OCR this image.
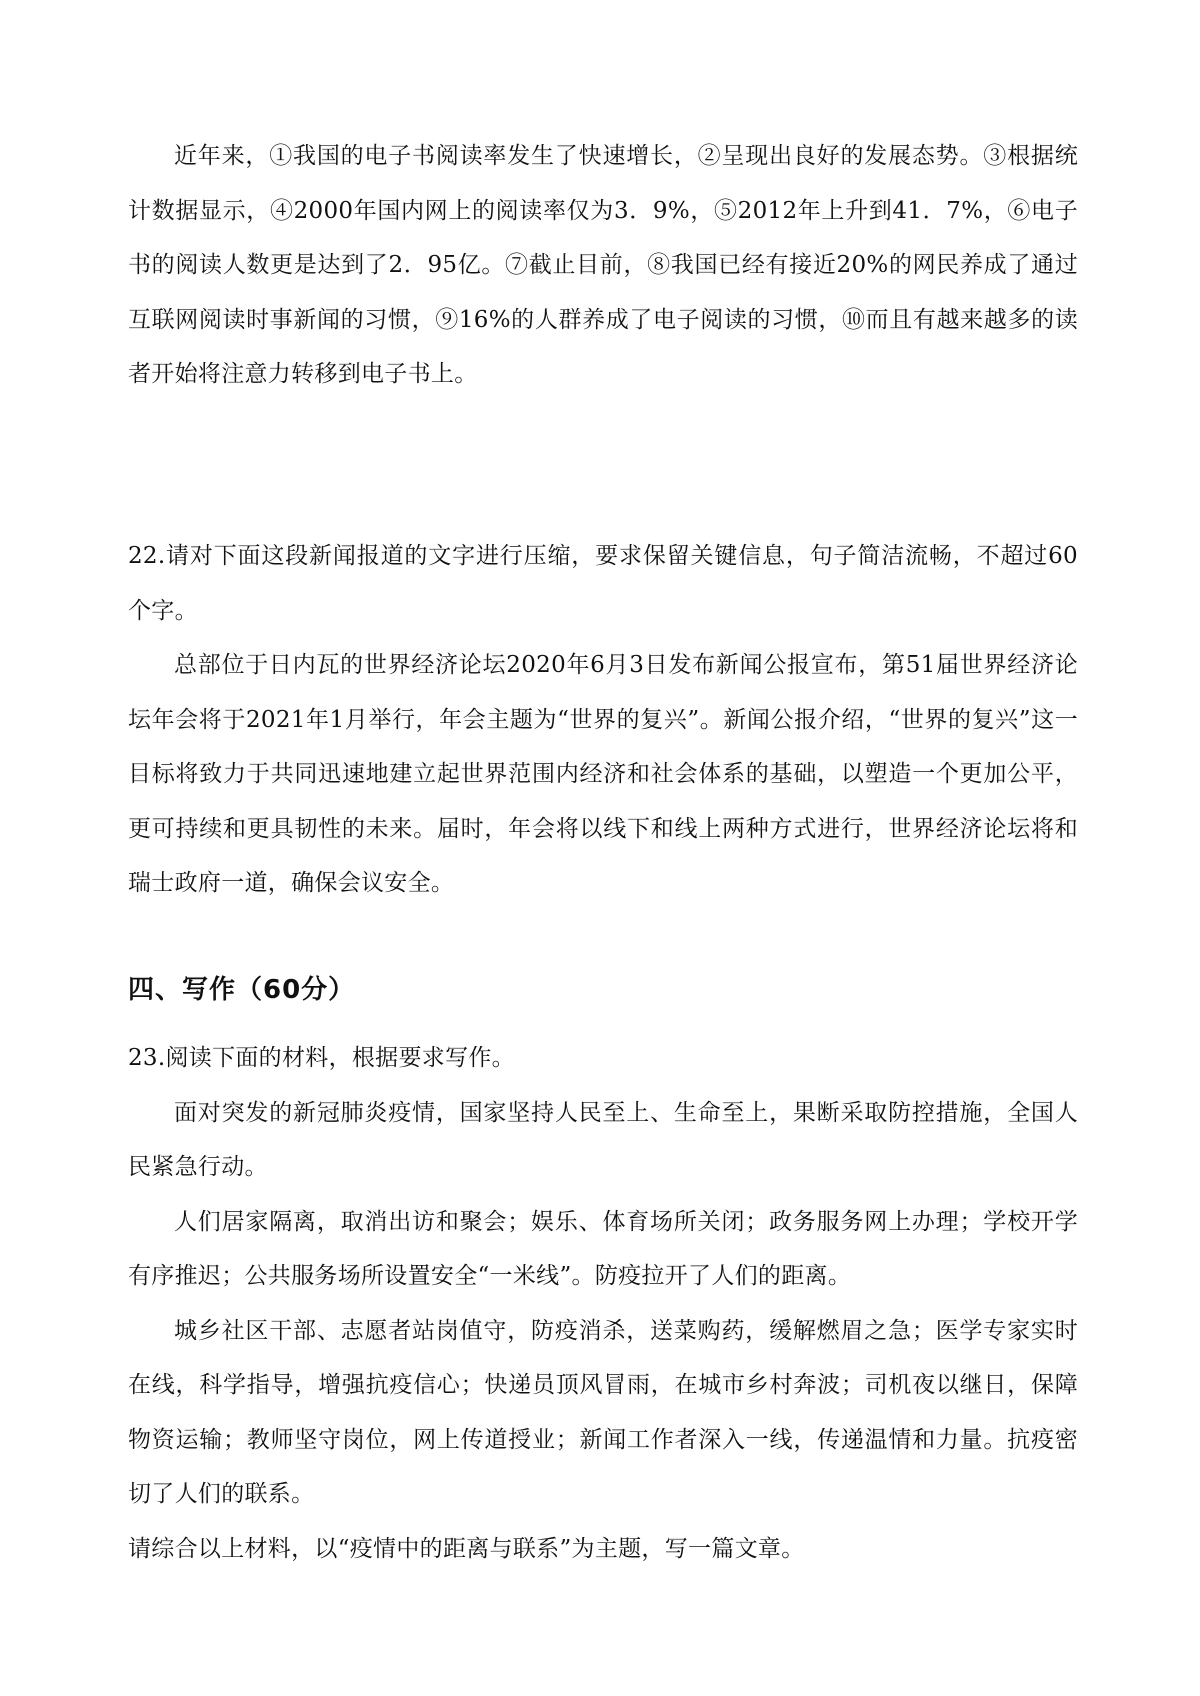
近年来，①我国的电子书阅读率发生了快速增长，②呈现出良好的发展态势。③根据统计数据显示，④2000年国内网上的阅读率仅为3．9%，⑤2012年上升到41．7%，⑥电子书的阅读人数更是达到了2．95亿。⑦截止目前，⑧我国已经有接近20%的网民养成了通过互联网阅读时事新闻的习惯，⑨16%的人群养成了电子阅读的习惯，⑩而且有越来越多的读者开始将注意力转移到电子书上。

22.请对下面这段新闻报道的文字进行压缩，要求保留关键信息，句子简洁流畅，不超过60个字。

总部位于日内瓦的世界经济论坛2020年6月3日发布新闻公报宣布，第51届世界经济论坛年会将于2021年1月举行，年会主题为“世界的复兴”。新闻公报介绍，“世界的复兴”这一目标将致力于共同迅速地建立起世界范围内经济和社会体系的基础，以塑造一个更加公平，更可持续和更具韧性的未来。届时，年会将以线下和线上两种方式进行，世界经济论坛将和瑞士政府一道，确保会议安全。

四、写作（60分）

23.阅读下面的材料，根据要求写作。

面对突发的新冠肺炎疫情，国家坚持人民至上、生命至上，果断采取防控措施，全国人民紧急行动。

人们居家隔离，取消出访和聚会；娱乐、体育场所关闭；政务服务网上办理；学校开学有序推迟；公共服务场所设置安全“一米线”。防疫拉开了人们的距离。

城乡社区干部、志愿者站岗值守，防疫消杀，送菜购药，缓解燃眉之急；医学专家实时在线，科学指导，增强抗疫信心；快递员顶风冒雨，在城市乡村奔波；司机夜以继日，保障物资运输；教师坚守岗位，网上传道授业；新闻工作者深入一线，传递温情和力量。抗疫密切了人们的联系。

请综合以上材料，以“疫情中的距离与联系”为主题，写一篇文章。
